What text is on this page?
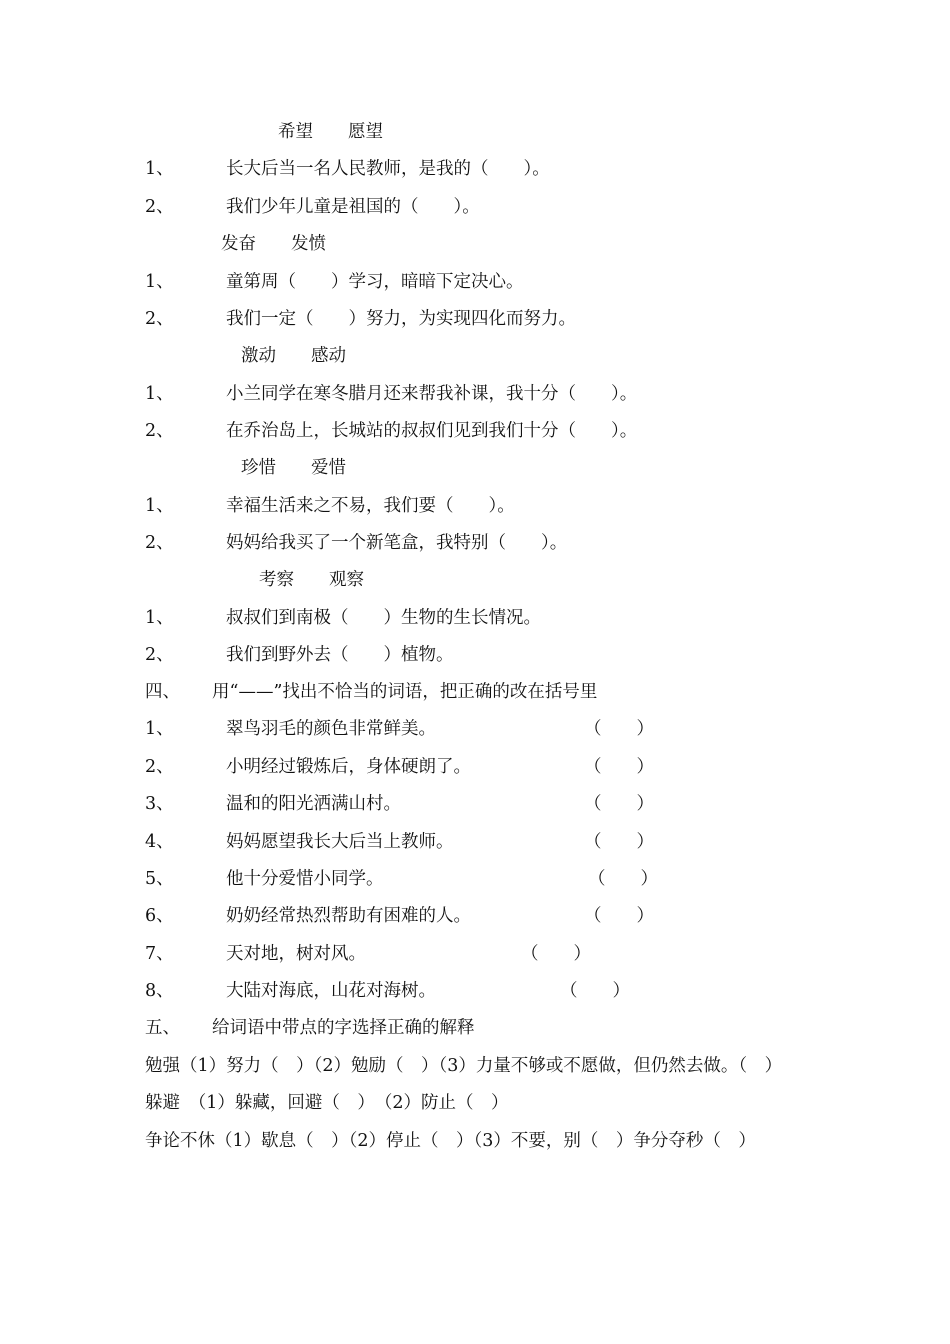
希望　　愿望
1、	长大后当一名人民教师，是我的（　　）。
2、	我们少年儿童是祖国的（　　）。
发奋　　发愤
1、	童第周（　　）学习，暗暗下定决心。
2、	我们一定（　　）努力，为实现四化而努力。
激动　　感动
1、	小兰同学在寒冬腊月还来帮我补课，我十分（　　）。
2、	在乔治岛上，长城站的叔叔们见到我们十分（　　）。
珍惜　　爱惜
1、	幸福生活来之不易，我们要（　　）。
2、	妈妈给我买了一个新笔盒，我特别（　　）。
考察　　观察
1、	叔叔们到南极（　　）生物的生长情况。
2、	我们到野外去（　　）植物。
四、 用“——”找出不恰当的词语，把正确的改在括号里
1、	翠鸟羽毛的颜色非常鲜美。	（　　）
2、	小明经过锻炼后，身体硬朗了。	（　　）
3、	温和的阳光洒满山村。	（　　）
4、	妈妈愿望我长大后当上教师。	（　　）
5、	他十分爱惜小同学。	（　　）
6、	奶奶经常热烈帮助有困难的人。	（　　）
7、	天对地，树对风。	（　　）
8、	大陆对海底，山花对海树。	（　　）
五、 给词语中带点的字选择正确的解释
勉强（1）努力（　）（2）勉励（　）（3）力量不够或不愿做，但仍然去做。（　）
躲避　（1）躲藏，回避（　）　（2）防止（　）
争论不休（1）歇息（　）（2）停止（　）（3）不要，别（　）争分夺秒（　）
